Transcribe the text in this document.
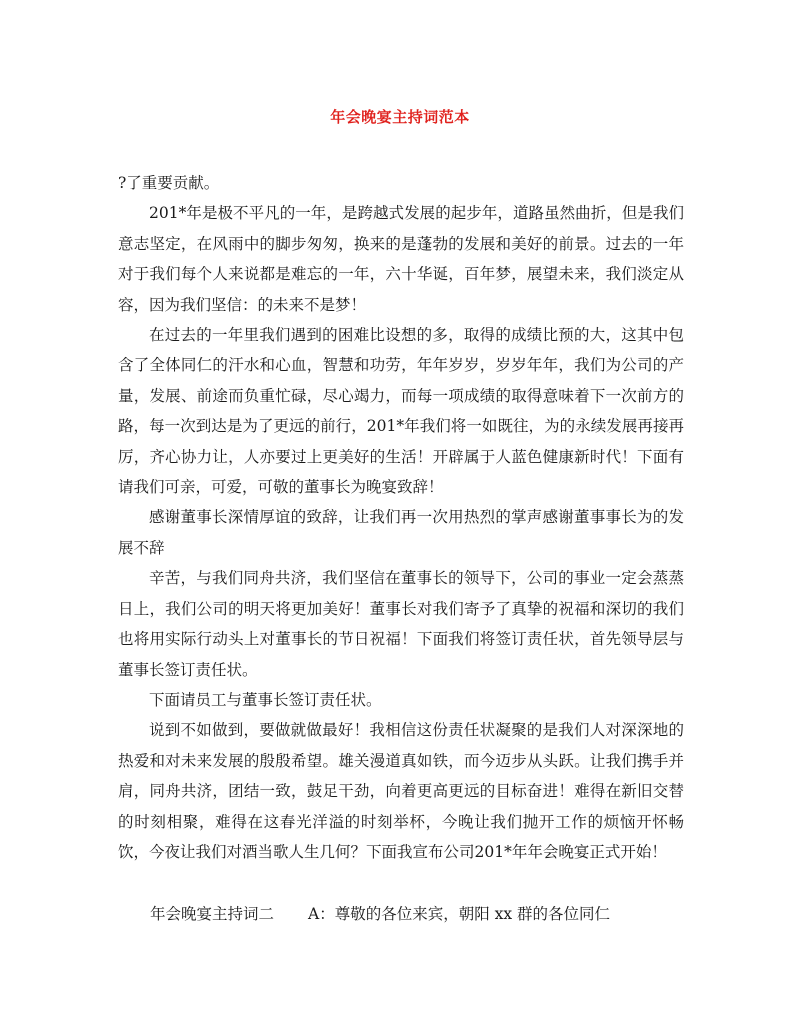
年会晚宴主持词范本

?了重要贡献。

201*年是极不平凡的一年，是跨越式发展的起步年，道路虽然曲折，但是我们意志坚定，在风雨中的脚步匆匆，换来的是蓬勃的发展和美好的前景。过去的一年对于我们每个人来说都是难忘的一年，六十华诞，百年梦，展望未来，我们淡定从容，因为我们坚信：的未来不是梦！

在过去的一年里我们遇到的困难比设想的多，取得的成绩比预的大，这其中包含了全体同仁的汗水和心血，智慧和功劳，年年岁岁，岁岁年年，我们为公司的产量，发展、前途而负重忙碌，尽心竭力，而每一项成绩的取得意味着下一次前方的路，每一次到达是为了更远的前行，201*年我们将一如既往，为的永续发展再接再厉，齐心协力让，人亦要过上更美好的生活！开辟属于人蓝色健康新时代！下面有请我们可亲，可爱，可敬的董事长为晚宴致辞！

感谢董事长深情厚谊的致辞，让我们再一次用热烈的掌声感谢董事事长为的发展不辞

辛苦，与我们同舟共济，我们坚信在董事长的领导下，公司的事业一定会蒸蒸日上，我们公司的明天将更加美好！董事长对我们寄予了真挚的祝福和深切的我们也将用实际行动头上对董事长的节日祝福！下面我们将签订责任状，首先领导层与董事长签订责任状。

下面请员工与董事长签订责任状。

说到不如做到，要做就做最好！我相信这份责任状凝聚的是我们人对深深地的热爱和对未来发展的殷殷希望。雄关漫道真如铁，而今迈步从头跃。让我们携手并肩，同舟共济，团结一致，鼓足干劲，向着更高更远的目标奋进！难得在新旧交替的时刻相聚，难得在这春光洋溢的时刻举杯，今晚让我们抛开工作的烦恼开怀畅饮，今夜让我们对酒当歌人生几何？下面我宣布公司201*年年会晚宴正式开始！

年会晚宴主持词二 A：尊敬的各位来宾，朝阳 xx 群的各位同仁
